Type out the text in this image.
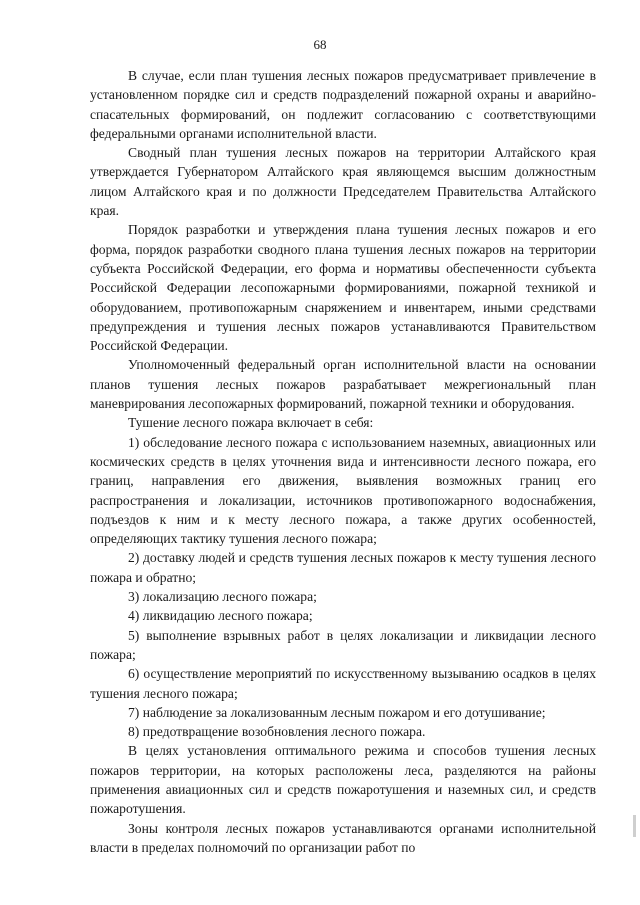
68

В случае, если план тушения лесных пожаров предусматривает привлечение в установленном порядке сил и средств подразделений пожарной охраны и аварийно-спасательных формирований, он подлежит согласованию с соответствующими федеральными органами исполнительной власти.

Сводный план тушения лесных пожаров на территории Алтайского края утверждается Губернатором Алтайского края являющемся высшим должностным лицом Алтайского края и по должности Председателем Правительства Алтайского края.

Порядок разработки и утверждения плана тушения лесных пожаров и его форма, порядок разработки сводного плана тушения лесных пожаров на территории субъекта Российской Федерации, его форма и нормативы обеспеченности субъекта Российской Федерации лесопожарными формированиями, пожарной техникой и оборудованием, противопожарным снаряжением и инвентарем, иными средствами предупреждения и тушения лесных пожаров устанавливаются Правительством Российской Федерации.

Уполномоченный федеральный орган исполнительной власти на основании планов тушения лесных пожаров разрабатывает межрегиональный план маневрирования лесопожарных формирований, пожарной техники и оборудования.

Тушение лесного пожара включает в себя:

1) обследование лесного пожара с использованием наземных, авиационных или космических средств в целях уточнения вида и интенсивности лесного пожара, его границ, направления его движения, выявления возможных границ его распространения и локализации, источников противопожарного водоснабжения, подъездов к ним и к месту лесного пожара, а также других особенностей, определяющих тактику тушения лесного пожара;

2) доставку людей и средств тушения лесных пожаров к месту тушения лесного пожара и обратно;

3) локализацию лесного пожара;

4) ликвидацию лесного пожара;

5) выполнение взрывных работ в целях локализации и ликвидации лесного пожара;

6) осуществление мероприятий по искусственному вызыванию осадков в целях тушения лесного пожара;

7) наблюдение за локализованным лесным пожаром и его дотушивание;

8) предотвращение возобновления лесного пожара.

В целях установления оптимального режима и способов тушения лесных пожаров территории, на которых расположены леса, разделяются на районы применения авиационных сил и средств пожаротушения и наземных сил, и средств пожаротушения.

Зоны контроля лесных пожаров устанавливаются органами исполнительной власти в пределах полномочий по организации работ по
